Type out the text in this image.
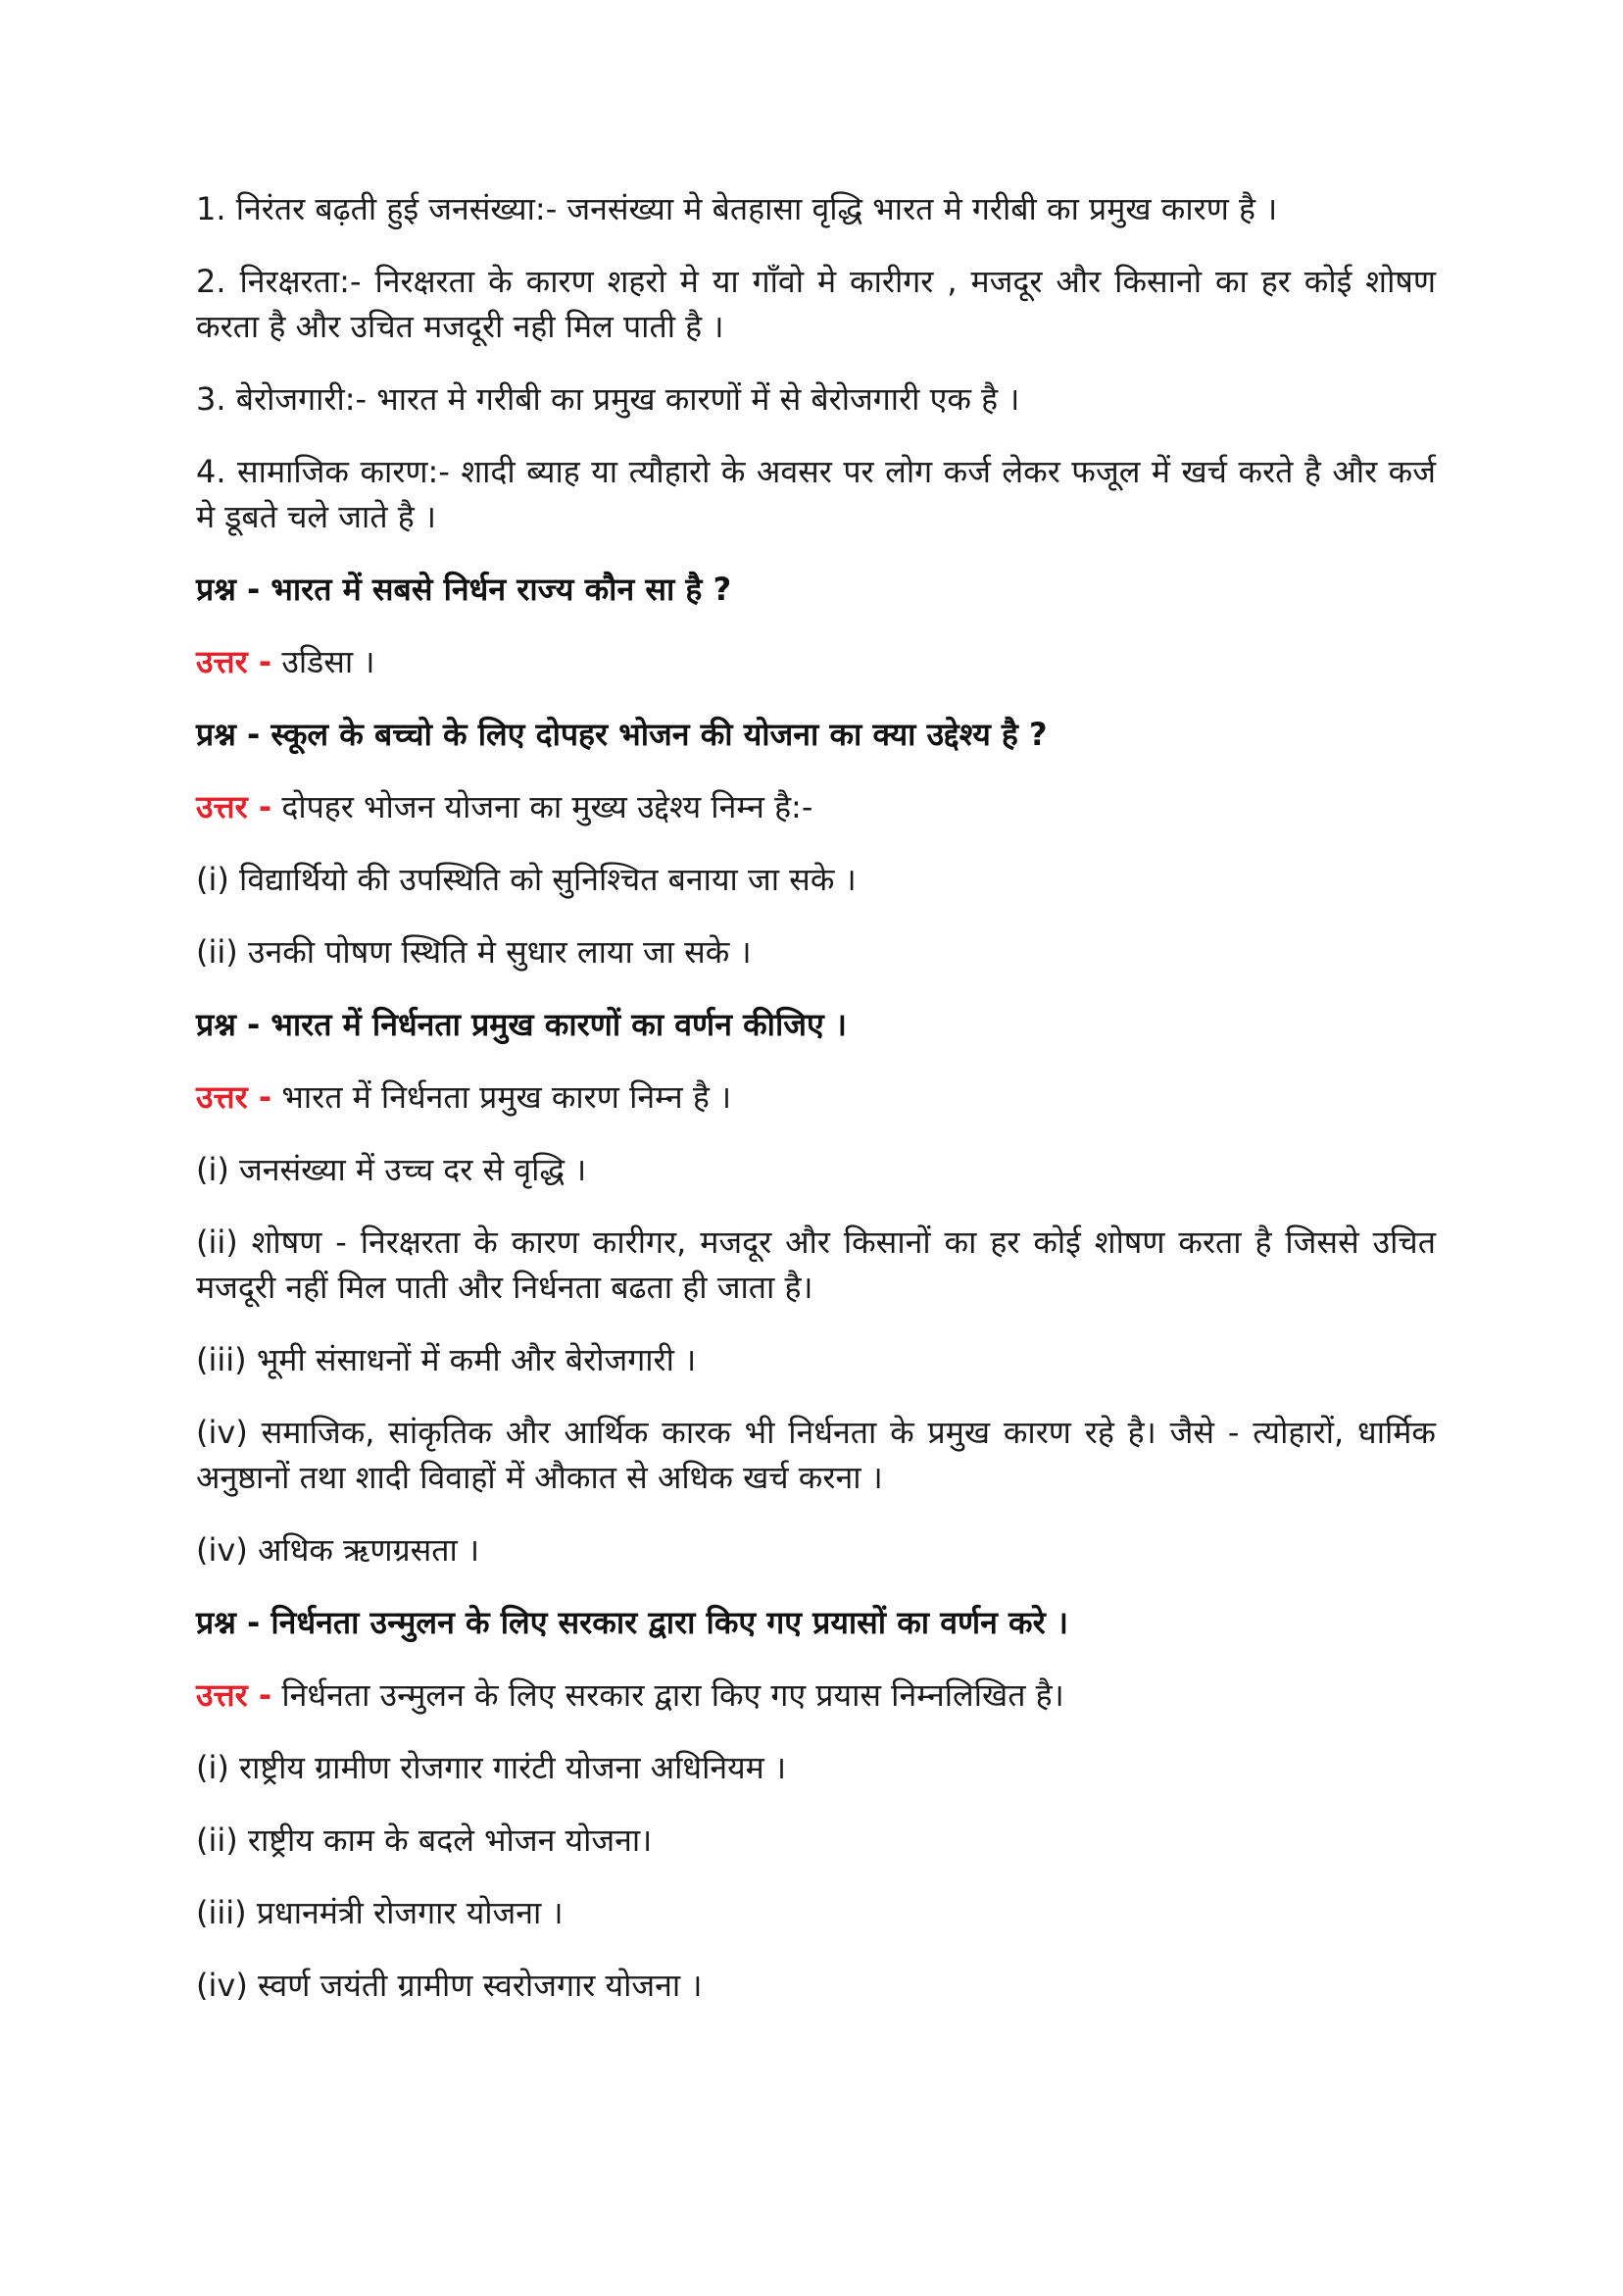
1. निरंतर बढ़ती हुई जनसंख्या:- जनसंख्या मे बेतहासा वृद्धि भारत मे गरीबी का प्रमुख कारण है ।

2. निरक्षरता:- निरक्षरता के कारण शहरो मे या गाँवो मे कारीगर , मजदूर और किसानो का हर कोई शोषण करता है और उचित मजदूरी नही मिल पाती है ।

3. बेरोजगारी:- भारत मे गरीबी का प्रमुख कारणों में से बेरोजगारी एक है ।

4. सामाजिक कारण:- शादी ब्याह या त्यौहारो के अवसर पर लोग कर्ज लेकर फजूल में खर्च करते है और कर्ज मे डूबते चले जाते है ।

प्रश्न - भारत में सबसे निर्धन राज्य कौन सा है ?

उत्तर - उडिसा ।

प्रश्न - स्कूल के बच्चो के लिए दोपहर भोजन की योजना का क्या उद्देश्य है ?

उत्तर - दोपहर भोजन योजना का मुख्य उद्देश्य निम्न है:-

(i) विद्यार्थियो की उपस्थिति को सुनिश्चित बनाया जा सके ।

(ii) उनकी पोषण स्थिति मे सुधार लाया जा सके ।

प्रश्न - भारत में निर्धनता प्रमुख कारणों का वर्णन कीजिए ।

उत्तर - भारत में निर्धनता प्रमुख कारण निम्न है ।

(i) जनसंख्या में उच्च दर से वृद्धि ।

(ii) शोषण - निरक्षरता के कारण कारीगर, मजदूर और किसानों का हर कोई शोषण करता है जिससे उचित मजदूरी नहीं मिल पाती और निर्धनता बढता ही जाता है।

(iii) भूमी संसाधनों में कमी और बेरोजगारी ।

(iv) समाजिक, सांकृतिक और आर्थिक कारक भी निर्धनता के प्रमुख कारण रहे है। जैसे - त्योहारों, धार्मिक अनुष्ठानों तथा शादी विवाहों में औकात से अधिक खर्च करना ।

(iv) अधिक ऋणग्रसता ।

प्रश्न - निर्धनता उन्मुलन के लिए सरकार द्वारा किए गए प्रयासों का वर्णन करे ।

उत्तर - निर्धनता उन्मुलन के लिए सरकार द्वारा किए गए प्रयास निम्नलिखित है।

(i) राष्ट्रीय ग्रामीण रोजगार गारंटी योजना अधिनियम ।

(ii) राष्ट्रीय काम के बदले भोजन योजना।

(iii) प्रधानमंत्री रोजगार योजना ।

(iv) स्वर्ण जयंती ग्रामीण स्वरोजगार योजना ।
